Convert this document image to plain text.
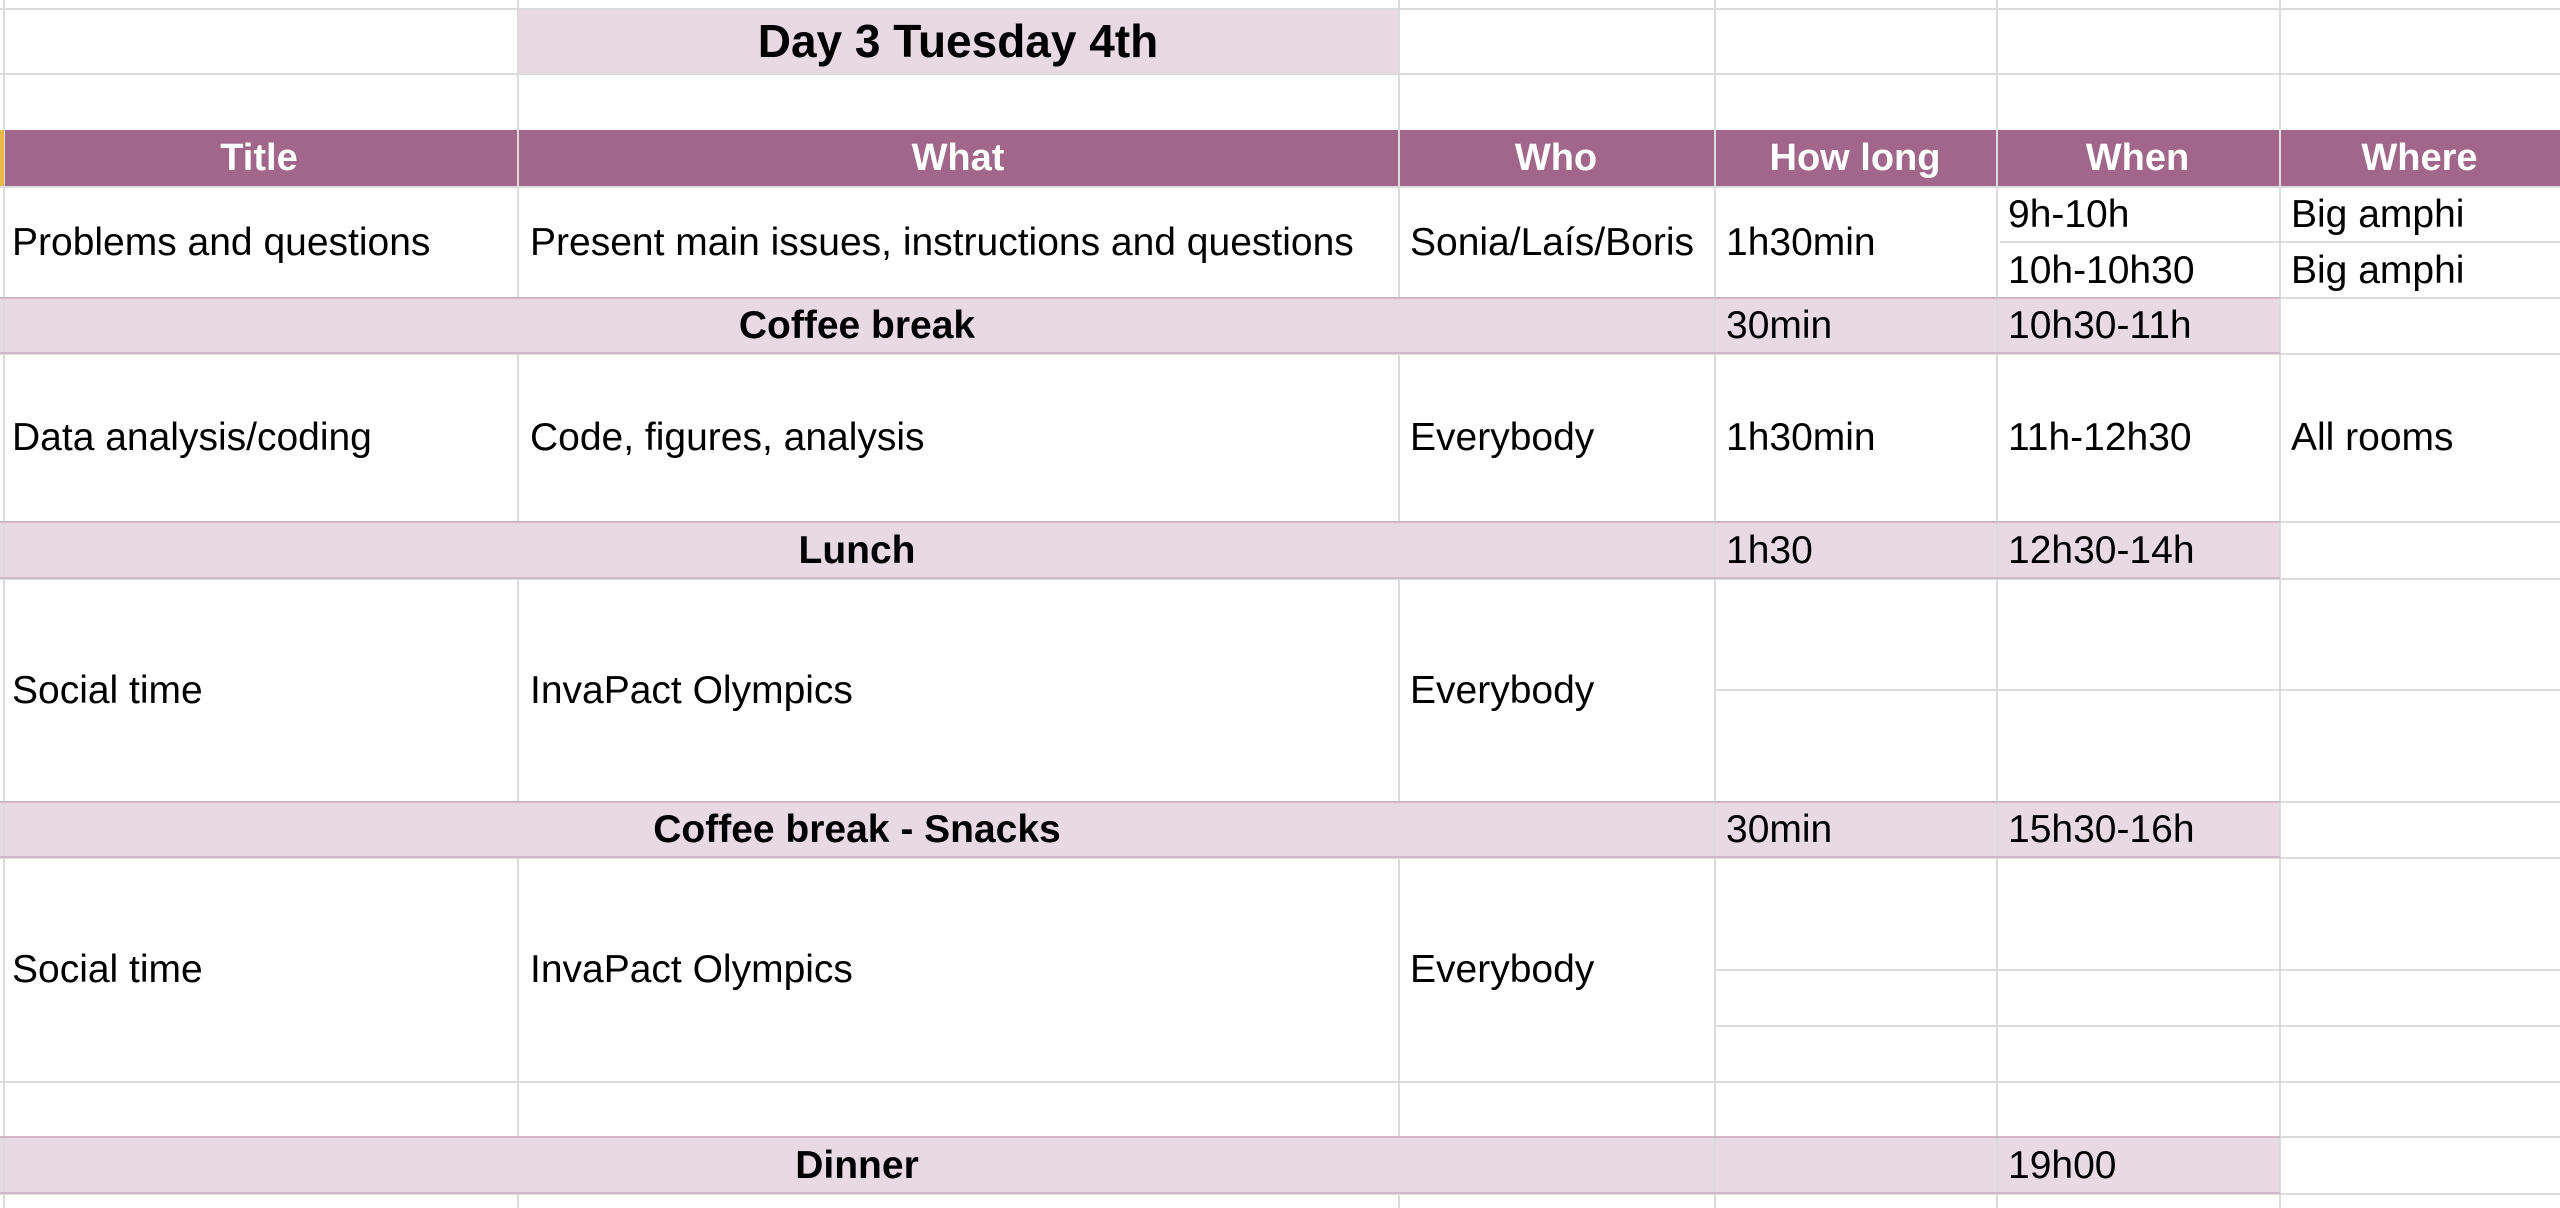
Day 3 Tuesday 4th
Title	What	Who	How long	When	Where
Problems and questions	Present main issues, instructions and questions	Sonia/Laís/Boris 1h30min
9h-10h	Big amphi
10h-10h30	Big amphi
Coffee break	30min	10h30-11h
Data analysis/coding	Code, figures, analysis	Everybody	1h30min	11h-12h30	All rooms
Lunch	1h30	12h30-14h
Social time	InvaPact Olympics	Everybody
Coffee break - Snacks	30min	15h30-16h
Social time	InvaPact Olympics	Everybody
Dinner	19h00
